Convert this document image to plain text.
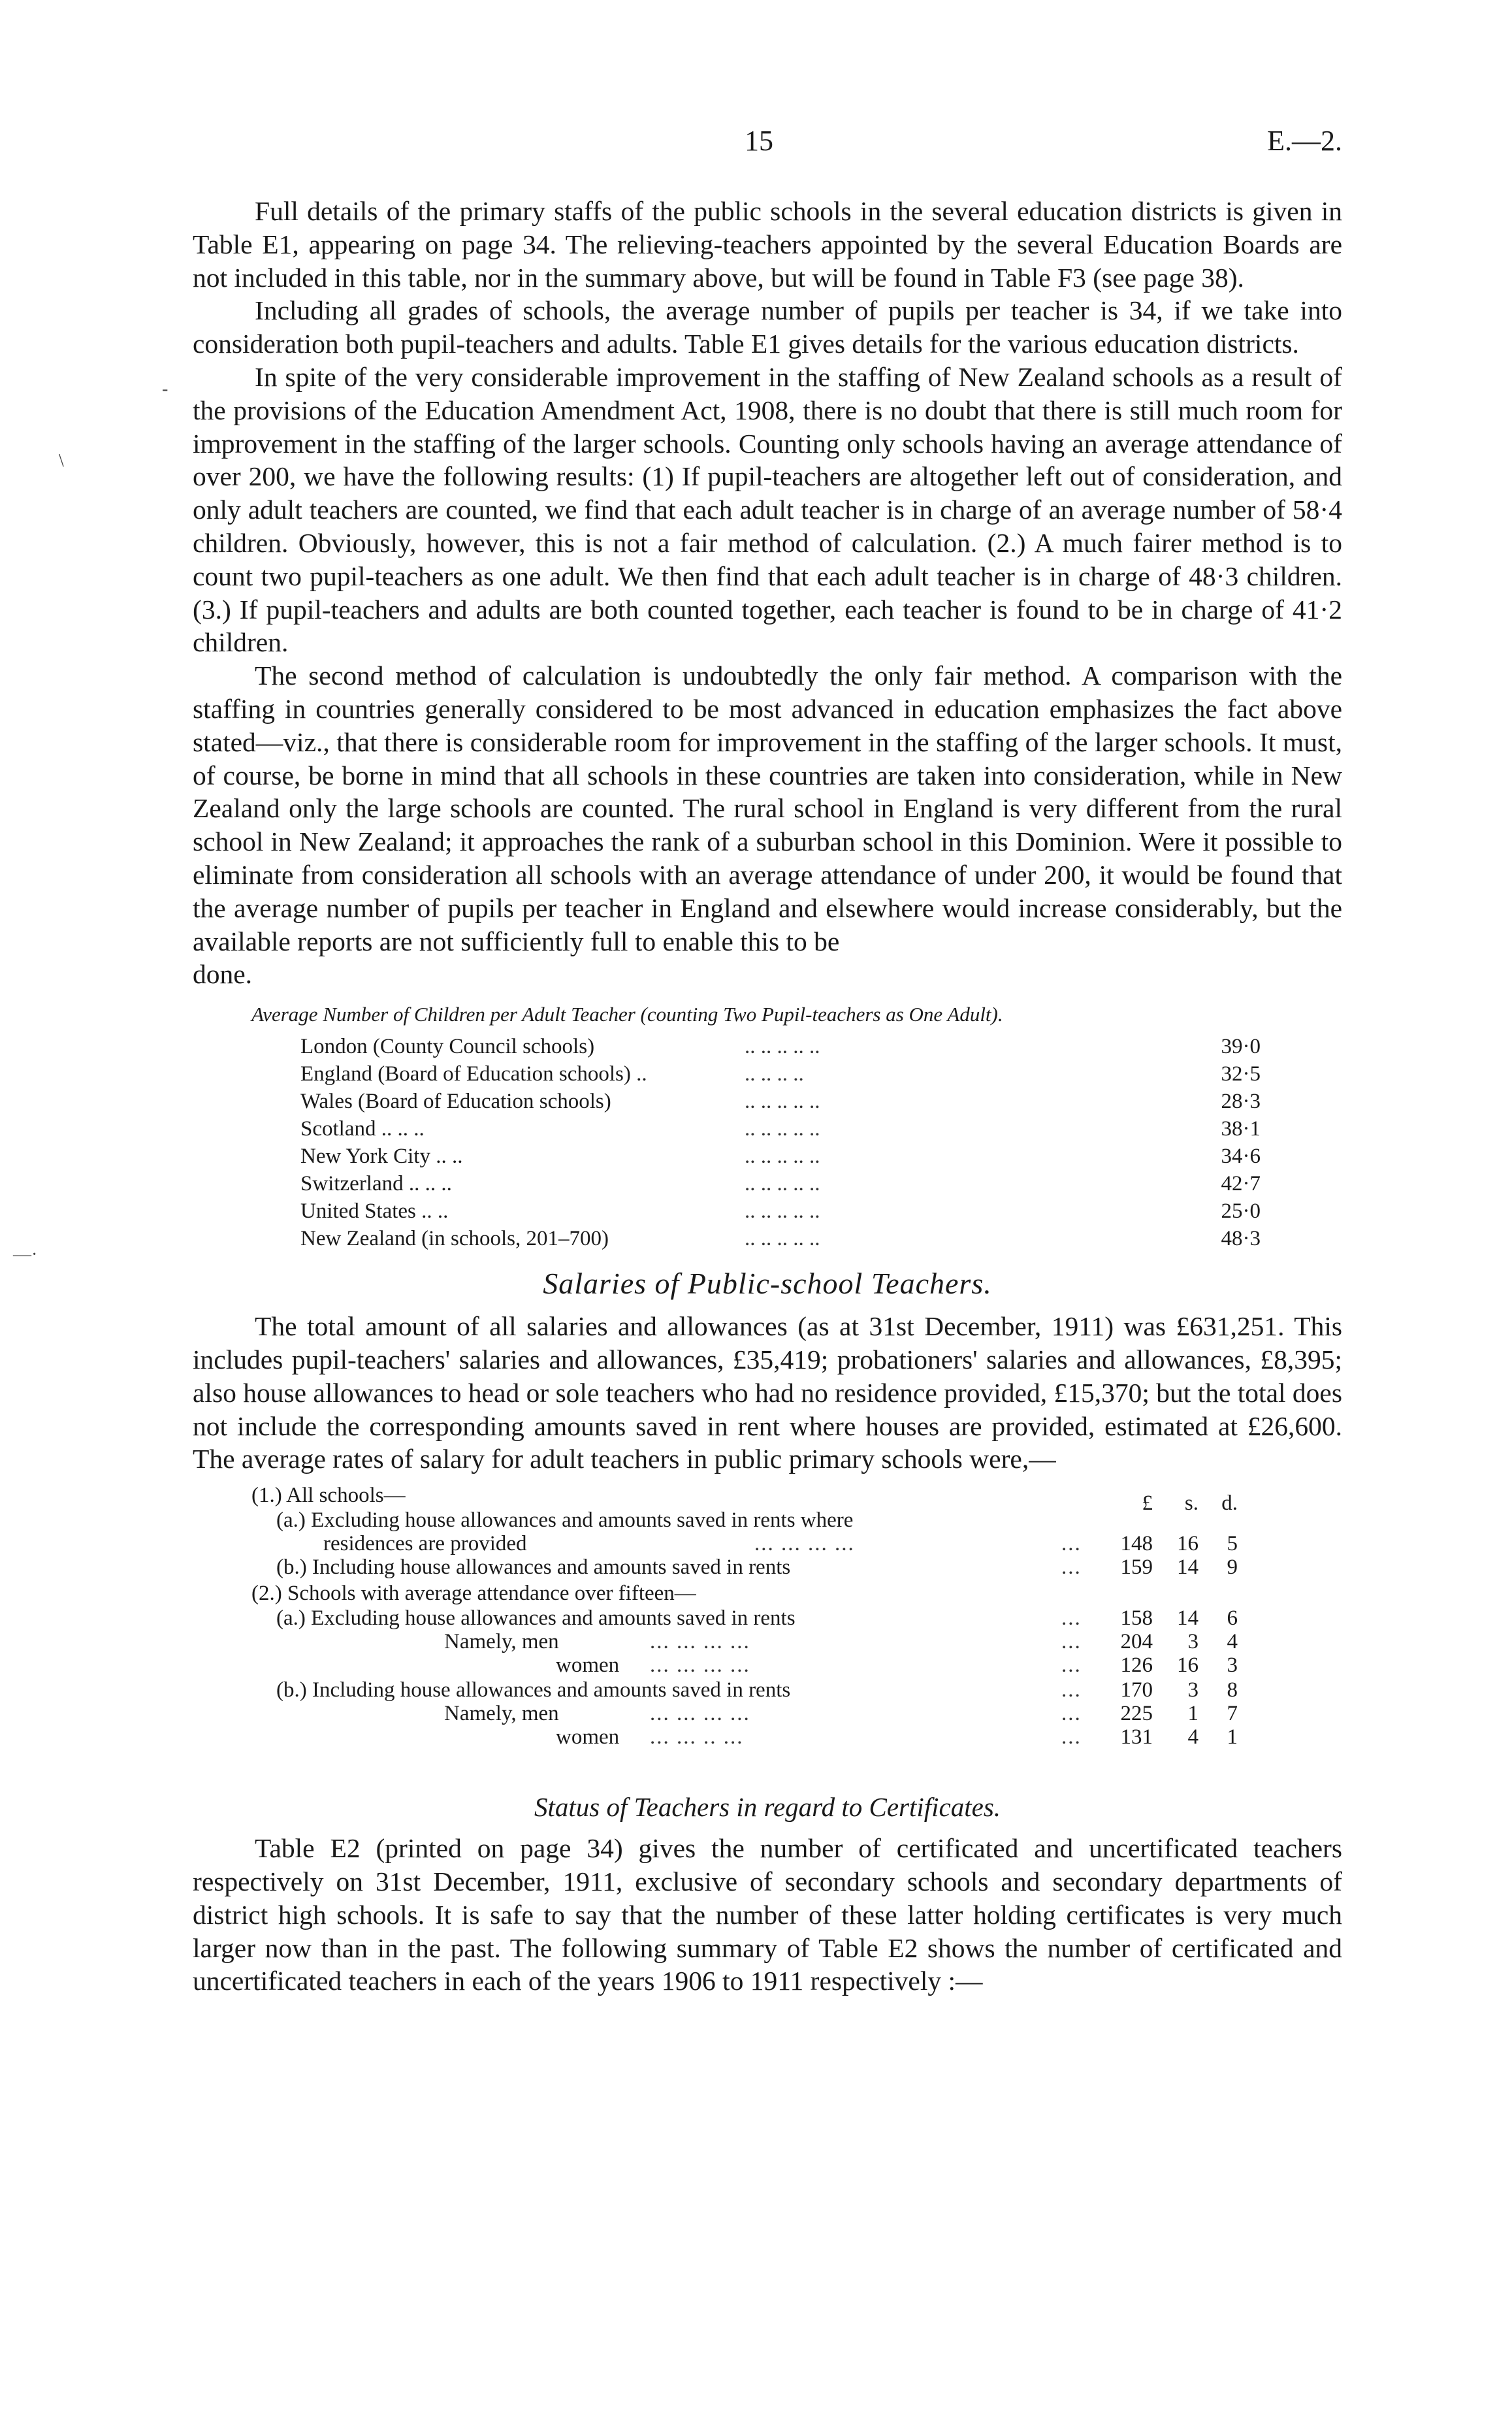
15	E.—2.
-
\
—·

Full details of the primary staffs of the public schools in the several education districts is given in Table E1, appearing on page 34. The relieving-teachers appointed by the several Education Boards are not included in this table, nor in the summary above, but will be found in Table F3 (see page 38).

Including all grades of schools, the average number of pupils per teacher is 34, if we take into consideration both pupil-teachers and adults. Table E1 gives details for the various education districts.

In spite of the very considerable improvement in the staffing of New Zealand schools as a result of the provisions of the Education Amendment Act, 1908, there is no doubt that there is still much room for improvement in the staffing of the larger schools. Counting only schools having an average attendance of over 200, we have the following results: (1) If pupil-teachers are altogether left out of consideration, and only adult teachers are counted, we find that each adult teacher is in charge of an average number of 58·4 children. Obviously, however, this is not a fair method of calculation. (2.) A much fairer method is to count two pupil-teachers as one adult. We then find that each adult teacher is in charge of 48·3 children. (3.) If pupil-teachers and adults are both counted together, each teacher is found to be in charge of 41·2 children.

The second method of calculation is undoubtedly the only fair method. A comparison with the staffing in countries generally considered to be most advanced in education emphasizes the fact above stated—viz., that there is considerable room for improvement in the staffing of the larger schools. It must, of course, be borne in mind that all schools in these countries are taken into consideration, while in New Zealand only the large schools are counted. The rural school in England is very different from the rural school in New Zealand; it approaches the rank of a suburban school in this Dominion. Were it possible to eliminate from consideration all schools with an average attendance of under 200, it would be found that the average number of pupils per teacher in England and elsewhere would increase considerably, but the available reports are not sufficiently full to enable this to be

done.

Average Number of Children per Adult Teacher (counting Two Pupil-teachers as One Adult).
London (County Council schools)	.. .. .. .. ..	39·0
England (Board of Education schools) ..	.. .. .. ..	32·5
Wales (Board of Education schools)	.. .. .. .. ..	28·3
Scotland .. .. ..	.. .. .. .. ..	38·1
New York City .. ..	.. .. .. .. ..	34·6
Switzerland .. .. ..	.. .. .. .. ..	42·7
United States .. ..	.. .. .. .. ..	25·0
New Zealand (in schools, 201–700)	.. .. .. .. ..	48·3
Salaries of Public-school Teachers.

The total amount of all salaries and allowances (as at 31st December, 1911) was £631,251. This includes pupil-teachers' salaries and allowances, £35,419; probationers' salaries and allowances, £8,395; also house allowances to head or sole teachers who had no residence provided, £15,370; but the total does not include the corresponding amounts saved in rent where houses are provided, estimated at £26,600. The average rates of salary for adult teachers in public primary schools were,—

£	s.	d.
(1.) All schools—
(a.) Excluding house allowances and amounts saved in rents where
residences are provided	... ... ... ...	...	148	16	5
(b.) Including house allowances and amounts saved in rents	...	159	14	9
(2.) Schools with average attendance over fifteen—
(a.) Excluding house allowances and amounts saved in rents	...	158	14	6
Namely, men	... ... ... ...	...	204	3	4
women ... ... ... ...	...	126	16	3
(b.) Including house allowances and amounts saved in rents	...	170	3	8
Namely, men	... ... ... ...	...	225	1	7
women ... ... .. ...	...	131	4	1
Status of Teachers in regard to Certificates.

Table E2 (printed on page 34) gives the number of certificated and uncertificated teachers respectively on 31st December, 1911, exclusive of secondary schools and secondary departments of district high schools. It is safe to say that the number of these latter holding certificates is very much larger now than in the past. The following summary of Table E2 shows the number of certificated and uncertificated teachers in each of the years 1906 to 1911 respectively :—
